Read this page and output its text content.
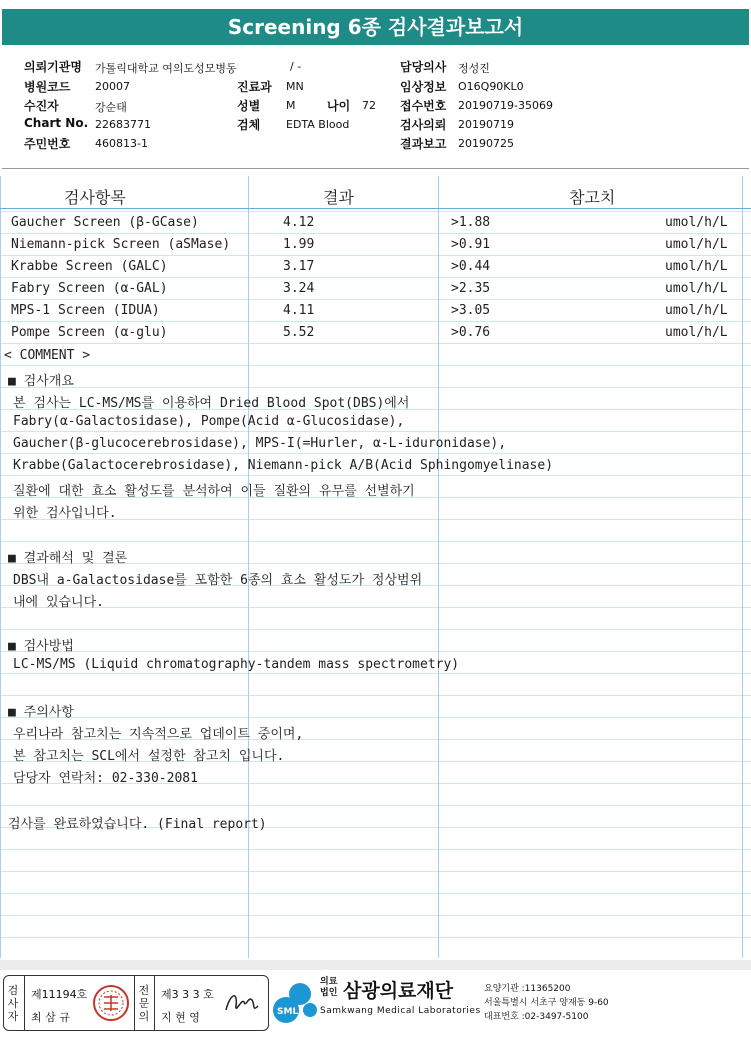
Screening 6종 검사결과보고서
의뢰기관명 가톨릭대학교 여의도성모병동	/ -	담당의사 정성진
병원코드 20007	진료과 MN	임상정보 O16Q90KL0
수진자	강순태	성별 M	나이 72 접수번호 20190719-35069
Chart No. 22683771	검체 EDTA Blood	검사의뢰 20190719
주민번호 460813-1	결과보고 20190725
검사항목	결과	참고치
Gaucher Screen (β-GCase)	4.12	>1.88	umol/h/L
Niemann-pick Screen (aSMase)	1.99	>0.91	umol/h/L
Krabbe Screen (GALC)	3.17	>0.44	umol/h/L
Fabry Screen (α-GAL)	3.24	>2.35	umol/h/L
MPS-1 Screen (IDUA)	4.11	>3.05	umol/h/L
Pompe Screen (α-glu)	5.52	>0.76	umol/h/L
< COMMENT >
■ 검사개요
본 검사는 LC-MS/MS를 이용하여 Dried Blood Spot(DBS)에서
Fabry(α-Galactosidase), Pompe(Acid α-Glucosidase),
Gaucher(β-glucocerebrosidase), MPS-I(=Hurler, α-L-iduronidase),
Krabbe(Galactocerebrosidase), Niemann-pick A/B(Acid Sphingomyelinase)
질환에 대한 효소 활성도를 분석하여 이들 질환의 유무를 선별하기
위한 검사입니다.
■ 결과해석 및 결론
DBS내 a-Galactosidase를 포함한 6종의 효소 활성도가 정상범위
내에 있습니다.
■ 검사방법
LC-MS/MS (Liquid chromatography-tandem mass spectrometry)
■ 주의사항
우리나라 참고치는 지속적으로 업데이트 중이며,
본 참고치는 SCL에서 설정한 참고치 입니다.
담당자 연락처: 02-330-2081
검사를 완료하였습니다. (Final report)
검
사
자
제11194호
최 삼 규
전
문
의
제3 3 3 호
지 현 영	SML
의료법인 삼광의료재단
Samkwang Medical Laboratories
요양기관 :11365200
서울특별시 서초구 양재동 9-60
대표번호 :02-3497-5100
